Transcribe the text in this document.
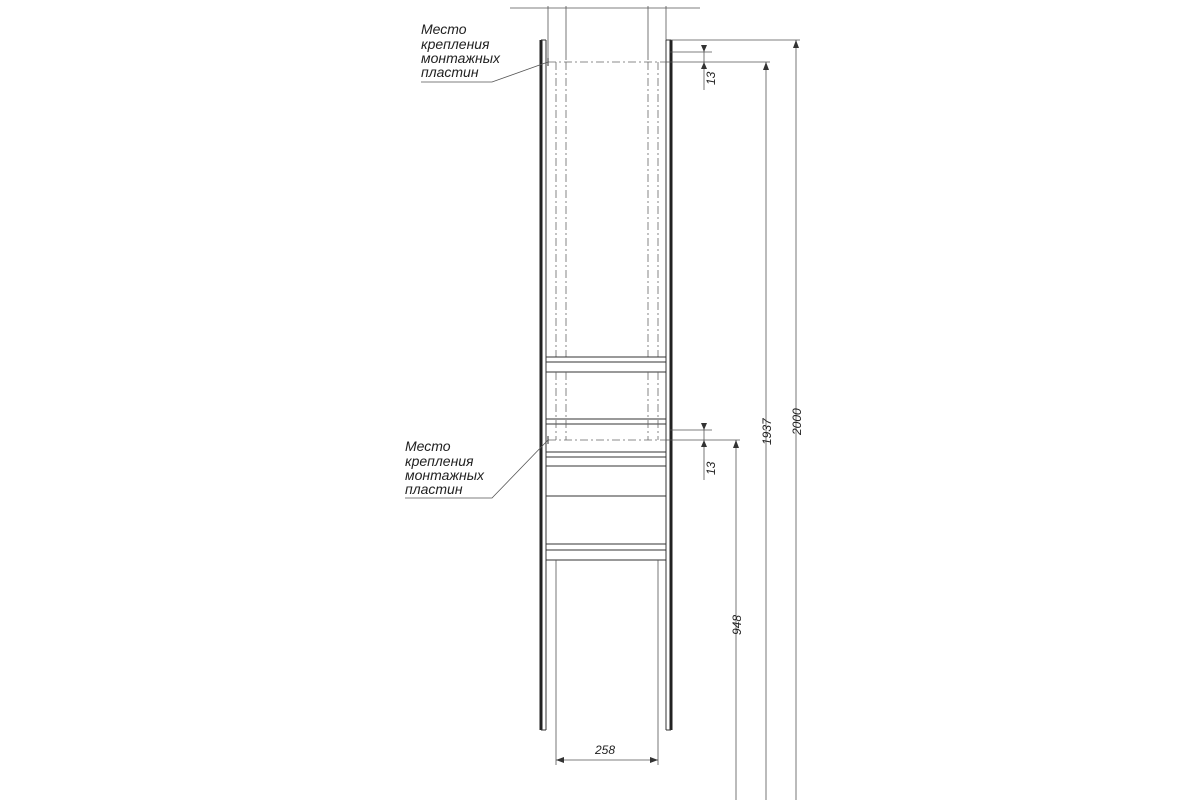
Место
крепления
монтажных
пластин
Место
крепления
монтажных
пластин
13
13
948
1937 2000
258
